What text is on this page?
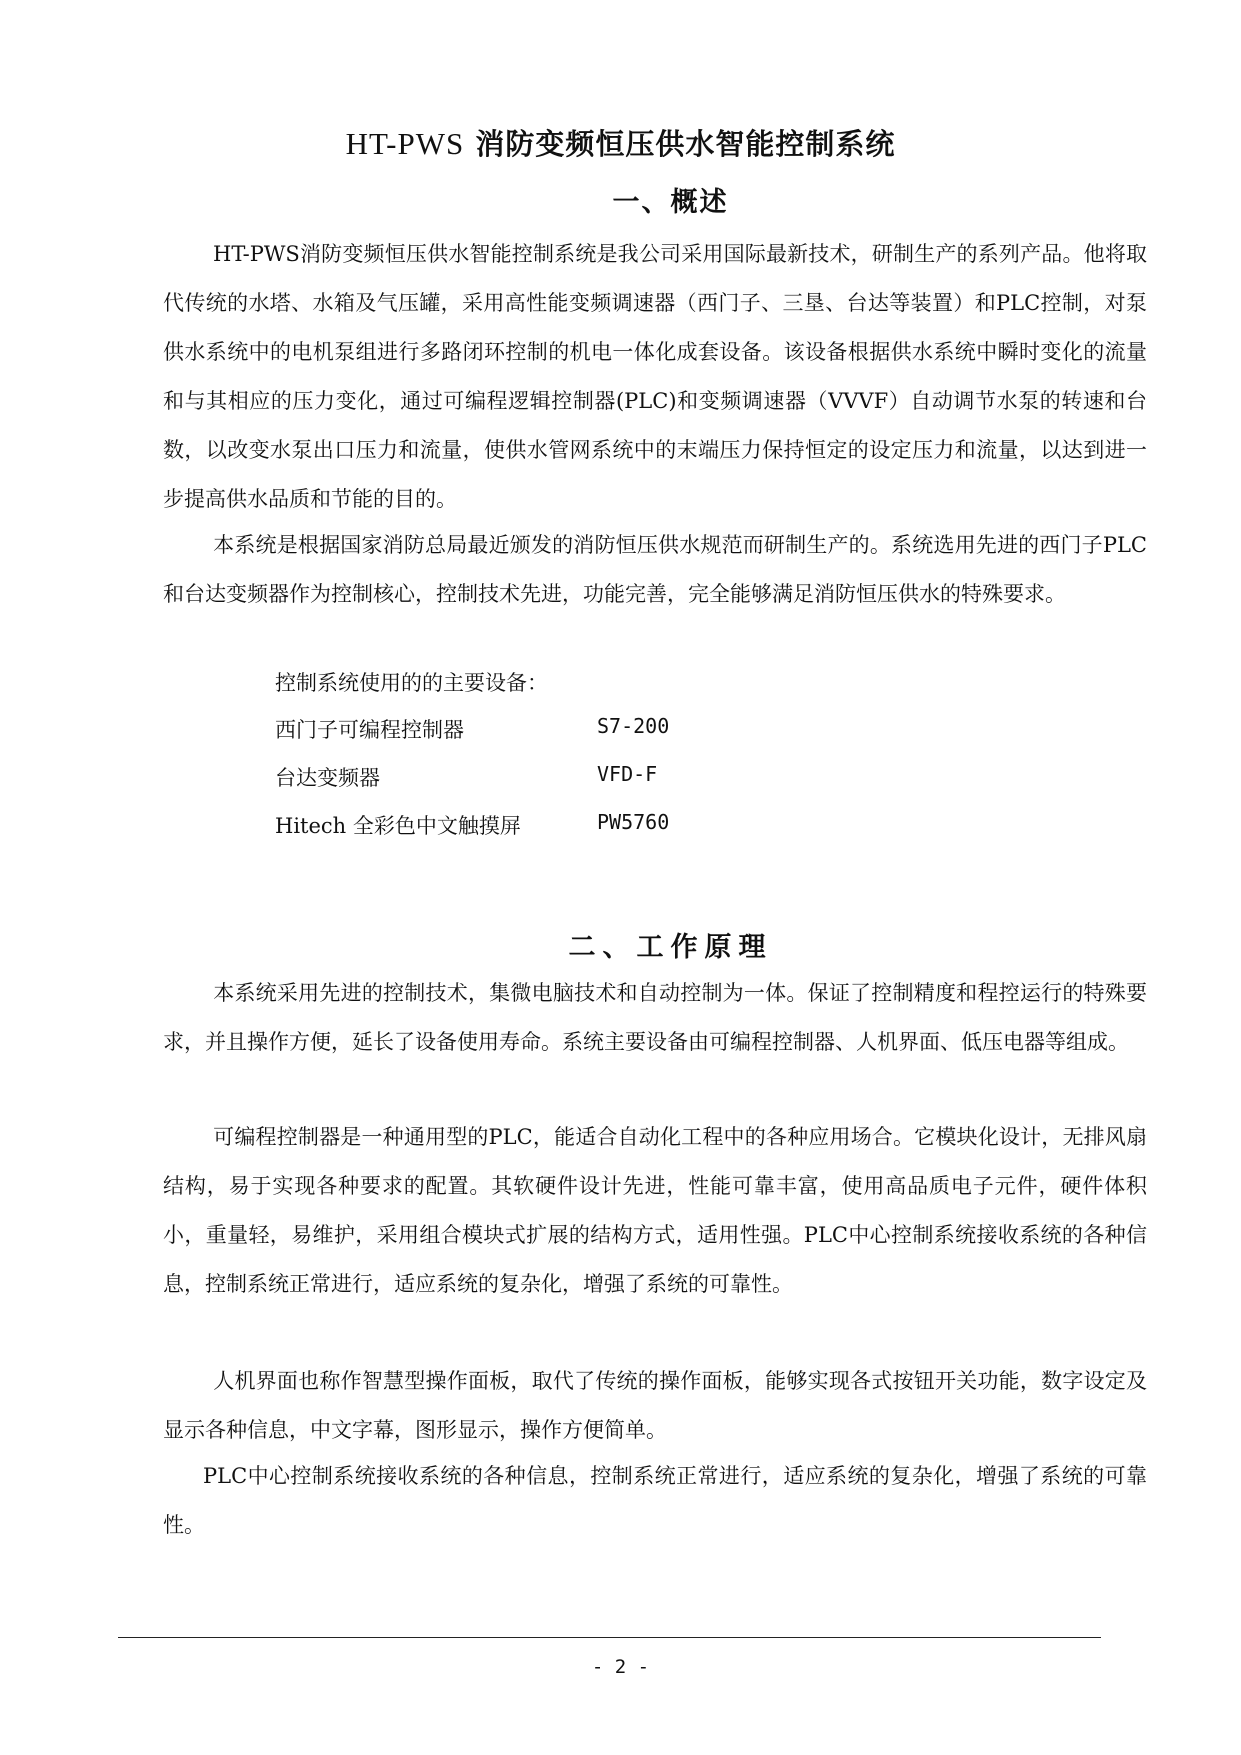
HT-PWS 消防变频恒压供水智能控制系统
一、概述
HT-PWS消防变频恒压供水智能控制系统是我公司采用国际最新技术，研制生产的系列产品。他将取代传统的水塔、水箱及气压罐，采用高性能变频调速器（西门子、三垦、台达等装置）和PLC控制，对泵供水系统中的电机泵组进行多路闭环控制的机电一体化成套设备。该设备根据供水系统中瞬时变化的流量和与其相应的压力变化，通过可编程逻辑控制器(PLC)和变频调速器（VVVF）自动调节水泵的转速和台数，以改变水泵出口压力和流量，使供水管网系统中的末端压力保持恒定的设定压力和流量，以达到进一步提高供水品质和节能的目的。
本系统是根据国家消防总局最近颁发的消防恒压供水规范而研制生产的。系统选用先进的西门子PLC和台达变频器作为控制核心，控制技术先进，功能完善，完全能够满足消防恒压供水的特殊要求。
控制系统使用的的主要设备：
西门子可编程控制器	S7-200
台达变频器	VFD-F
Hitech 全彩色中文触摸屏	PW5760
二、工作原理
本系统采用先进的控制技术，集微电脑技术和自动控制为一体。保证了控制精度和程控运行的特殊要求，并且操作方便，延长了设备使用寿命。系统主要设备由可编程控制器、人机界面、低压电器等组成。
可编程控制器是一种通用型的PLC，能适合自动化工程中的各种应用场合。它模块化设计，无排风扇结构，易于实现各种要求的配置。其软硬件设计先进，性能可靠丰富，使用高品质电子元件，硬件体积小，重量轻，易维护，采用组合模块式扩展的结构方式，适用性强。PLC中心控制系统接收系统的各种信息，控制系统正常进行，适应系统的复杂化，增强了系统的可靠性。
人机界面也称作智慧型操作面板，取代了传统的操作面板，能够实现各式按钮开关功能，数字设定及显示各种信息，中文字幕，图形显示，操作方便简单。
PLC中心控制系统接收系统的各种信息，控制系统正常进行，适应系统的复杂化，增强了系统的可靠性。
- 2 -
